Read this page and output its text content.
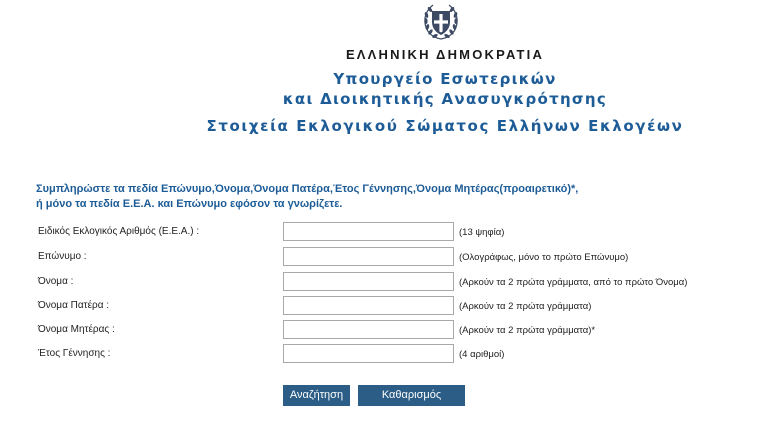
ΕΛΛΗΝΙΚΗ ΔΗΜΟΚΡΑΤΙΑ
Υπουργείο Εσωτερικών
και Διοικητικής Ανασυγκρότησης
Στοιχεία Εκλογικού Σώματος Ελλήνων Εκλογέων
Συμπληρώστε τα πεδία Επώνυμο,Όνομα,Όνομα Πατέρα,Έτος Γέννησης,Όνομα Μητέρας(προαιρετικό)*,
ή μόνο τα πεδία Ε.Ε.Α. και Επώνυμο εφόσον τα γνωρίζετε.
Ειδικός Εκλογικός Αριθμός (Ε.Ε.Α.) :	(13 ψηφία)
Επώνυμο :	(Ολογράφως, μόνο το πρώτο Επώνυμο)
Όνομα :	(Αρκούν τα 2 πρώτα γράμματα, από το πρώτο Όνομα)
Όνομα Πατέρα :	(Αρκούν τα 2 πρώτα γράμματα)
Όνομα Μητέρας :	(Αρκούν τα 2 πρώτα γράμματα)*
Έτος Γέννησης :	(4 αριθμοί)
Αναζήτηση	Καθαρισμός Πεδίων
